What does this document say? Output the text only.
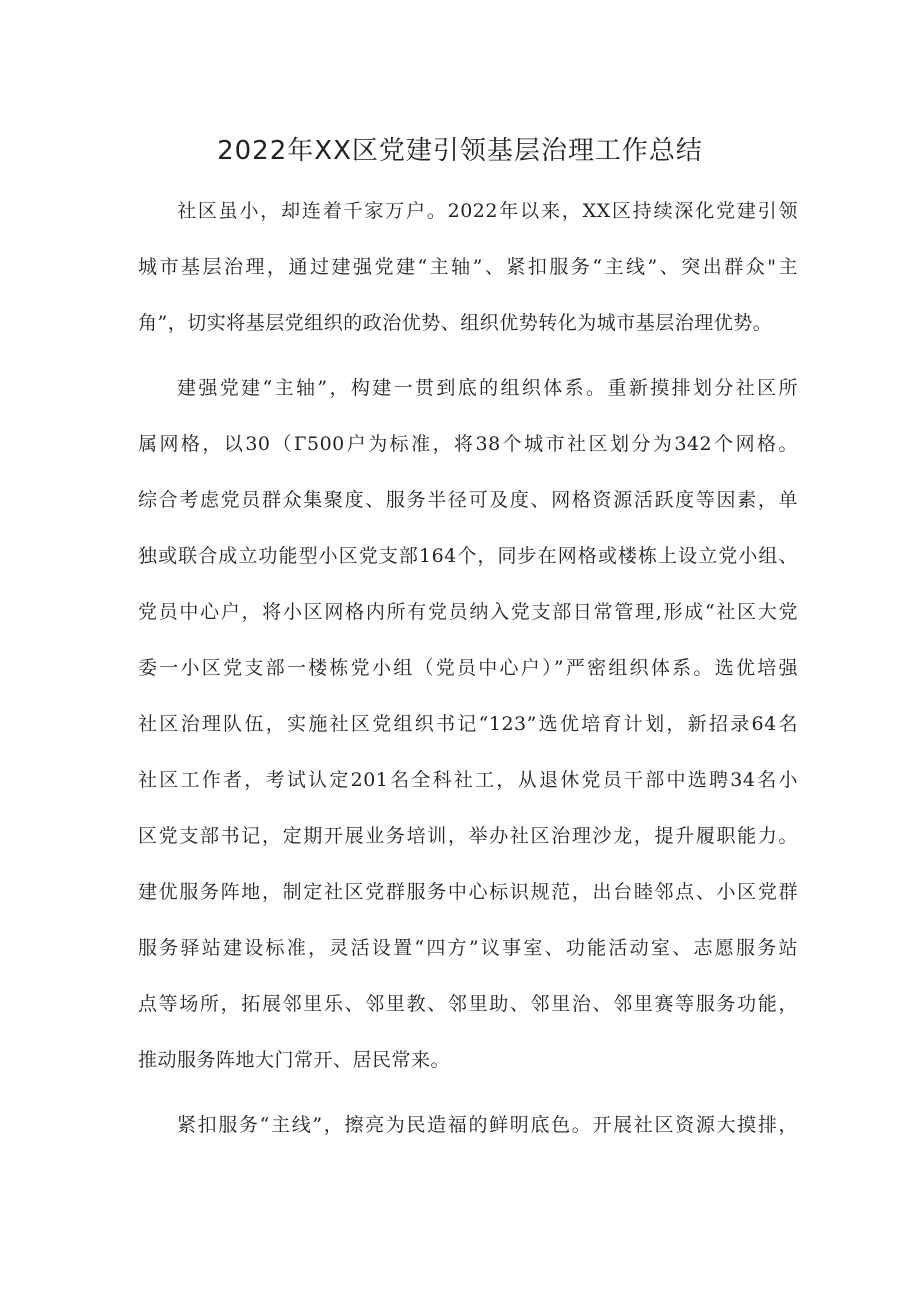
2022年XX区党建引领基层治理工作总结
社区虽小，却连着千家万户。2022年以来，XX区持续深化党建引领
城市基层治理，通过建强党建“主轴”、紧扣服务“主线”、突出群众"主
角”，切实将基层党组织的政治优势、组织优势转化为城市基层治理优势。
建强党建“主轴”，构建一贯到底的组织体系。重新摸排划分社区所
属网格，以30（Г500户为标准，将38个城市社区划分为342个网格。
综合考虑党员群众集聚度、服务半径可及度、网格资源活跃度等因素，单
独或联合成立功能型小区党支部164个，同步在网格或楼栋上设立党小组、
党员中心户，将小区网格内所有党员纳入党支部日常管理,形成“社区大党
委一小区党支部一楼栋党小组（党员中心户）”严密组织体系。选优培强
社区治理队伍，实施社区党组织书记“123”选优培育计划，新招录64名
社区工作者，考试认定201名全科社工，从退休党员干部中选聘34名小
区党支部书记，定期开展业务培训，举办社区治理沙龙，提升履职能力。
建优服务阵地，制定社区党群服务中心标识规范，出台睦邻点、小区党群
服务驿站建设标准，灵活设置“四方”议事室、功能活动室、志愿服务站
点等场所，拓展邻里乐、邻里教、邻里助、邻里治、邻里赛等服务功能，
推动服务阵地大门常开、居民常来。
紧扣服务“主线”，擦亮为民造福的鲜明底色。开展社区资源大摸排，
